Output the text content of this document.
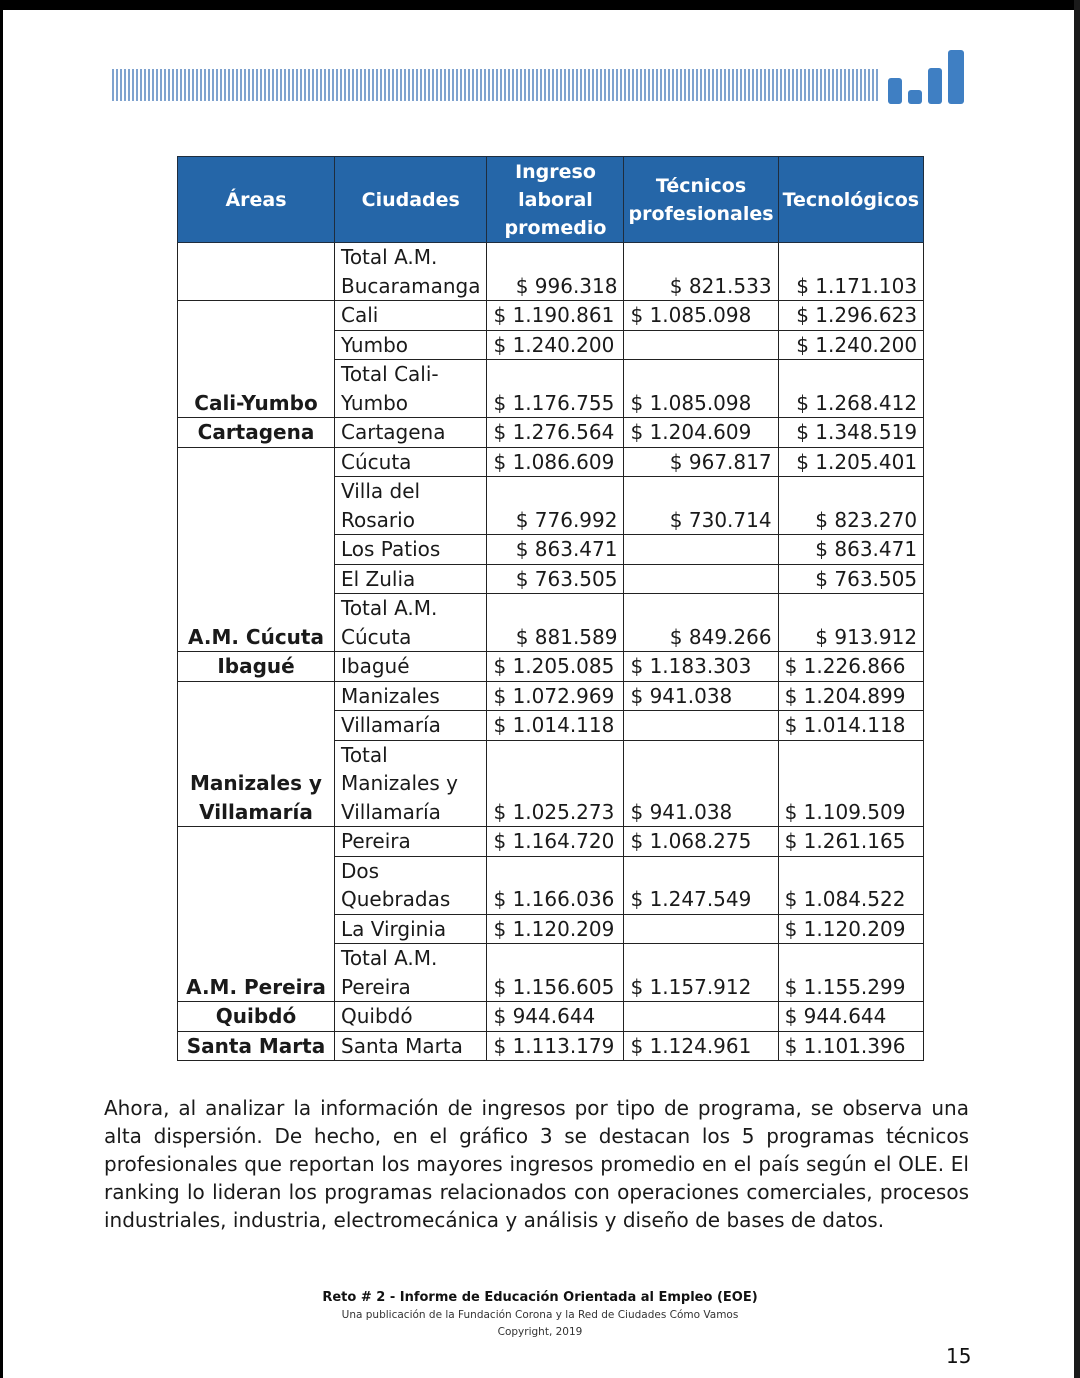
Áreas	Ciudades	Ingreso laboral promedio	Técnicos profesionales	Tecnológicos
	Total A.M. Bucaramanga	$ 996.318	$ 821.533	$ 1.171.103
Cali-Yumbo	Cali	$ 1.190.861	$ 1.085.098	$ 1.296.623
	Yumbo	$ 1.240.200		$ 1.240.200
	Total Cali-Yumbo	$ 1.176.755	$ 1.085.098	$ 1.268.412
Cartagena	Cartagena	$ 1.276.564	$ 1.204.609	$ 1.348.519
A.M. Cúcuta	Cúcuta	$ 1.086.609	$ 967.817	$ 1.205.401
	Villa del Rosario	$ 776.992	$ 730.714	$ 823.270
	Los Patios	$ 863.471		$ 863.471
	El Zulia	$ 763.505		$ 763.505
	Total A.M. Cúcuta	$ 881.589	$ 849.266	$ 913.912
Ibagué	Ibagué	$ 1.205.085	$ 1.183.303	$ 1.226.866
Manizales y Villamaría	Manizales	$ 1.072.969	$ 941.038	$ 1.204.899
	Villamaría	$ 1.014.118		$ 1.014.118
	Total Manizales y Villamaría	$ 1.025.273	$ 941.038	$ 1.109.509
A.M. Pereira	Pereira	$ 1.164.720	$ 1.068.275	$ 1.261.165
	Dos Quebradas	$ 1.166.036	$ 1.247.549	$ 1.084.522
	La Virginia	$ 1.120.209		$ 1.120.209
	Total A.M. Pereira	$ 1.156.605	$ 1.157.912	$ 1.155.299
Quibdó	Quibdó	$ 944.644		$ 944.644
Santa Marta	Santa Marta	$ 1.113.179	$ 1.124.961	$ 1.101.396

Ahora, al analizar la información de ingresos por tipo de programa, se observa una alta dispersión. De hecho, en el gráfico 3 se destacan los 5 programas técnicos profesionales que reportan los mayores ingresos promedio en el país según el OLE. El ranking lo lideran los programas relacionados con operaciones comerciales, procesos industriales, industria, electromecánica y análisis y diseño de bases de datos.

Reto # 2 - Informe de Educación Orientada al Empleo (EOE)
Una publicación de la Fundación Corona y la Red de Ciudades Cómo Vamos
Copyright, 2019
15
